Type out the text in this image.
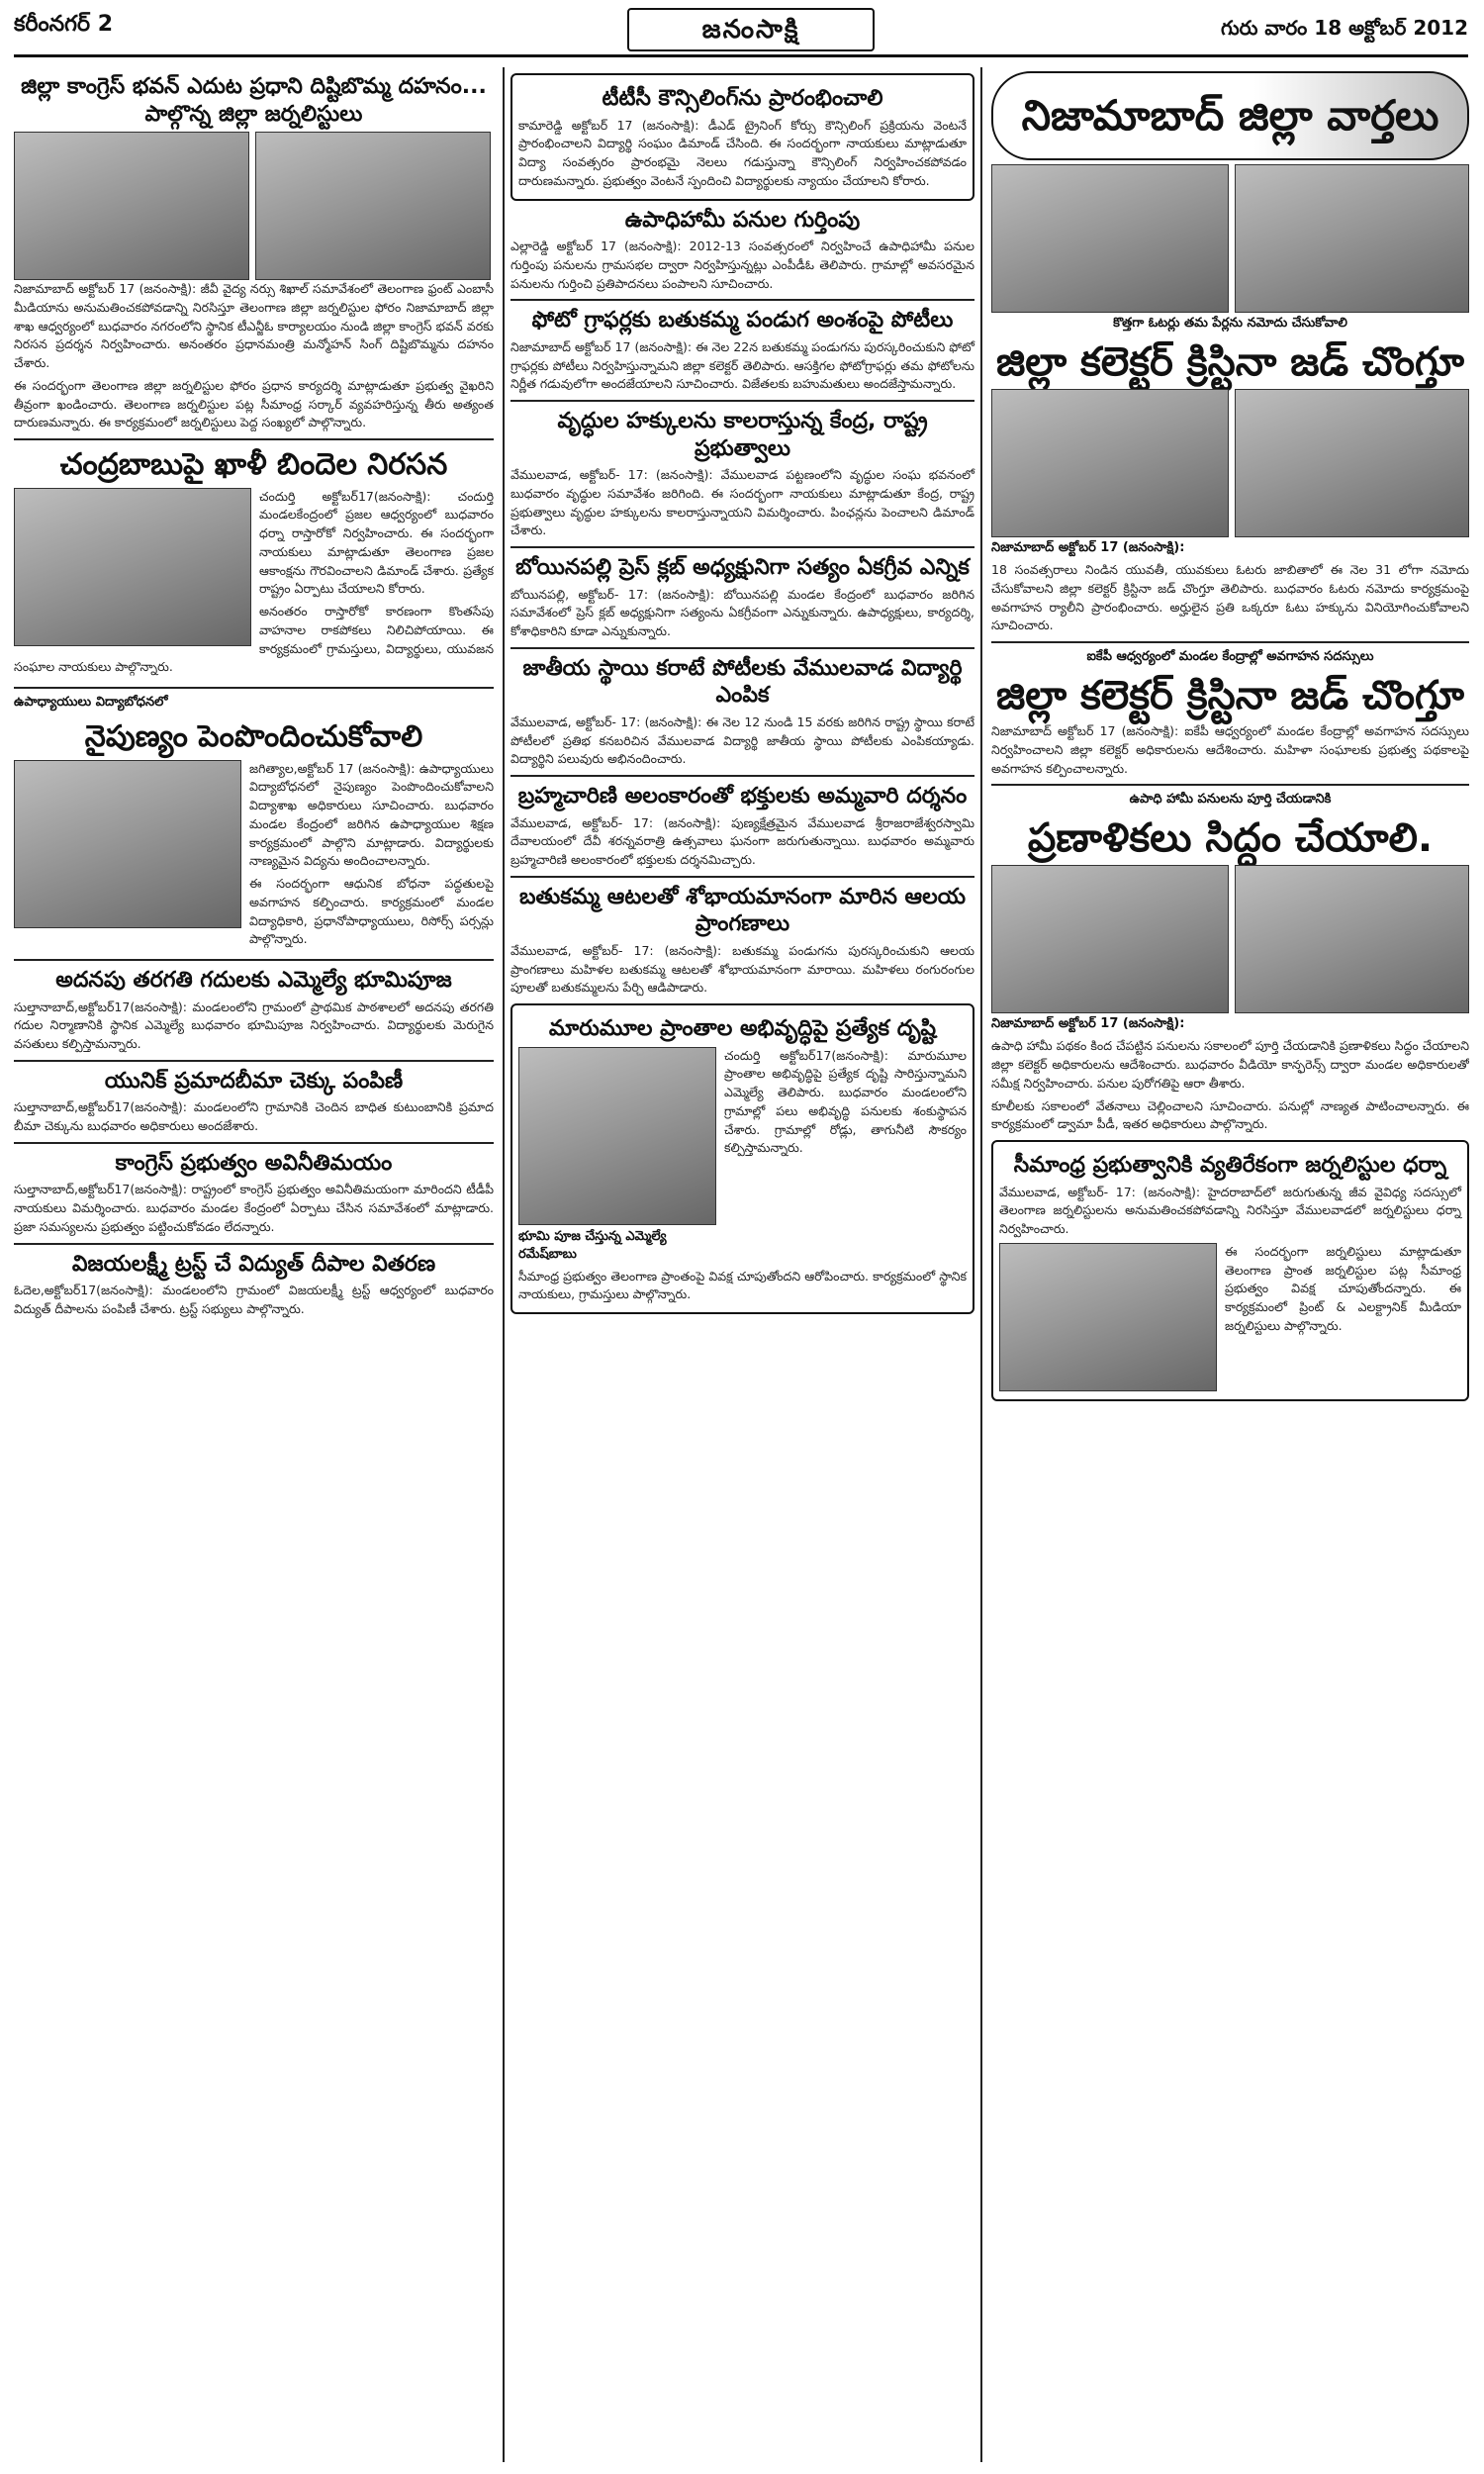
కరీంనగర్ 2	జనంసాక్షి	గురు వారం 18 అక్టోబర్ 2012
జిల్లా కాంగ్రెస్ భవన్ ఎదుట ప్రధాని దిష్టిబొమ్మ దహనం... పాల్గొన్న జిల్లా జర్నలిస్టులు

నిజామాబాద్ అక్టోబర్ 17 (జనంసాక్షి): జీవీ వైద్య నర్సు శిఖాల్ సమావేశంలో తెలంగాణ ఫ్రంట్ ఎంబాసీ మీడియాను అనుమతించకపోవడాన్ని నిరసిస్తూ తెలంగాణ జిల్లా జర్నలిస్టుల ఫోరం నిజామాబాద్ జిల్లా శాఖ ఆధ్వర్యంలో బుధవారం నగరంలోని స్థానిక టీఎన్జీఓ కార్యాలయం నుండి జిల్లా కాంగ్రెస్ భవన్ వరకు నిరసన ప్రదర్శన నిర్వహించారు. అనంతరం ప్రధానమంత్రి మన్మోహన్ సింగ్ దిష్టిబొమ్మను దహనం చేశారు.

ఈ సందర్భంగా తెలంగాణ జిల్లా జర్నలిస్టుల ఫోరం ప్రధాన కార్యదర్శి మాట్లాడుతూ ప్రభుత్వ వైఖరిని తీవ్రంగా ఖండించారు. తెలంగాణ జర్నలిస్టుల పట్ల సీమాంధ్ర సర్కార్ వ్యవహరిస్తున్న తీరు అత్యంత దారుణమన్నారు. ఈ కార్యక్రమంలో జర్నలిస్టులు పెద్ద సంఖ్యలో పాల్గొన్నారు.

చంద్రబాబుపై ఖాళీ బిందెల నిరసన

చందుర్తి అక్టోబర్17(జనంసాక్షి): చందుర్తి మండలకేంద్రంలో ప్రజల ఆధ్వర్యంలో బుధవారం ధర్నా రాస్తారోకో నిర్వహించారు. ఈ సందర్భంగా నాయకులు మాట్లాడుతూ తెలంగాణ ప్రజల ఆకాంక్షను గౌరవించాలని డిమాండ్ చేశారు. ప్రత్యేక రాష్ట్రం ఏర్పాటు చేయాలని కోరారు.

అనంతరం రాస్తారోకో కారణంగా కొంతసేపు వాహనాల రాకపోకలు నిలిచిపోయాయి. ఈ కార్యక్రమంలో గ్రామస్తులు, విద్యార్థులు, యువజన సంఘాల నాయకులు పాల్గొన్నారు.

ఉపాధ్యాయులు విద్యాబోధనలో
నైపుణ్యం పెంపొందించుకోవాలి

జగిత్యాల,అక్టోబర్ 17 (జనంసాక్షి): ఉపాధ్యాయులు విద్యాబోధనలో నైపుణ్యం పెంపొందించుకోవాలని విద్యాశాఖ అధికారులు సూచించారు. బుధవారం మండల కేంద్రంలో జరిగిన ఉపాధ్యాయుల శిక్షణ కార్యక్రమంలో పాల్గొని మాట్లాడారు. విద్యార్థులకు నాణ్యమైన విద్యను అందించాలన్నారు.

ఈ సందర్భంగా ఆధునిక బోధనా పద్ధతులపై అవగాహన కల్పించారు. కార్యక్రమంలో మండల విద్యాధికారి, ప్రధానోపాధ్యాయులు, రిసోర్స్ పర్సన్లు పాల్గొన్నారు.

అదనపు తరగతి గదులకు ఎమ్మెల్యే భూమిపూజ

సుల్తానాబాద్,అక్టోబర్17(జనంసాక్షి): మండలంలోని గ్రామంలో ప్రాథమిక పాఠశాలలో అదనపు తరగతి గదుల నిర్మాణానికి స్థానిక ఎమ్మెల్యే బుధవారం భూమిపూజ నిర్వహించారు. విద్యార్థులకు మెరుగైన వసతులు కల్పిస్తామన్నారు.

యునిక్ ప్రమాదబీమా చెక్కు పంపిణీ

సుల్తానాబాద్,అక్టోబర్17(జనంసాక్షి): మండలంలోని గ్రామానికి చెందిన బాధిత కుటుంబానికి ప్రమాద బీమా చెక్కును బుధవారం అధికారులు అందజేశారు.

కాంగ్రెస్ ప్రభుత్వం అవినీతిమయం

సుల్తానాబాద్,అక్టోబర్17(జనంసాక్షి): రాష్ట్రంలో కాంగ్రెస్ ప్రభుత్వం అవినీతిమయంగా మారిందని టీడీపీ నాయకులు విమర్శించారు. బుధవారం మండల కేంద్రంలో ఏర్పాటు చేసిన సమావేశంలో మాట్లాడారు. ప్రజా సమస్యలను ప్రభుత్వం పట్టించుకోవడం లేదన్నారు.

విజయలక్ష్మీ ట్రస్ట్ చే విద్యుత్ దీపాల వితరణ

ఓదెల,అక్టోబర్17(జనంసాక్షి): మండలంలోని గ్రామంలో విజయలక్ష్మీ ట్రస్ట్ ఆధ్వర్యంలో బుధవారం విద్యుత్ దీపాలను పంపిణీ చేశారు. ట్రస్ట్ సభ్యులు పాల్గొన్నారు.

టీటీసీ కౌన్సిలింగ్‌ను ప్రారంభించాలి

కామారెడ్డి అక్టోబర్ 17 (జనంసాక్షి): డీఎడ్ ట్రైనింగ్ కోర్సు కౌన్సిలింగ్ ప్రక్రియను వెంటనే ప్రారంభించాలని విద్యార్థి సంఘం డిమాండ్ చేసింది. ఈ సందర్భంగా నాయకులు మాట్లాడుతూ విద్యా సంవత్సరం ప్రారంభమై నెలలు గడుస్తున్నా కౌన్సిలింగ్ నిర్వహించకపోవడం దారుణమన్నారు. ప్రభుత్వం వెంటనే స్పందించి విద్యార్థులకు న్యాయం చేయాలని కోరారు.

ఉపాధిహామీ పనుల గుర్తింపు

ఎల్లారెడ్డి అక్టోబర్ 17 (జనంసాక్షి): 2012-13 సంవత్సరంలో నిర్వహించే ఉపాధిహామీ పనుల గుర్తింపు పనులను గ్రామసభల ద్వారా నిర్వహిస్తున్నట్లు ఎంపీడీఓ తెలిపారు. గ్రామాల్లో అవసరమైన పనులను గుర్తించి ప్రతిపాదనలు పంపాలని సూచించారు.

ఫోటో గ్రాఫర్లకు బతుకమ్మ పండుగ అంశంపై పోటీలు

నిజామాబాద్ అక్టోబర్ 17 (జనంసాక్షి): ఈ నెల 22న బతుకమ్మ పండుగను పురస్కరించుకుని ఫోటో గ్రాఫర్లకు పోటీలు నిర్వహిస్తున్నామని జిల్లా కలెక్టర్ తెలిపారు. ఆసక్తిగల ఫోటోగ్రాఫర్లు తమ ఫోటోలను నిర్ణీత గడువులోగా అందజేయాలని సూచించారు. విజేతలకు బహుమతులు అందజేస్తామన్నారు.

వృద్ధుల హక్కులను కాలరాస్తున్న కేంద్ర, రాష్ట్ర ప్రభుత్వాలు

వేములవాడ, అక్టోబర్- 17: (జనంసాక్షి): వేములవాడ పట్టణంలోని వృద్ధుల సంఘ భవనంలో బుధవారం వృద్ధుల సమావేశం జరిగింది. ఈ సందర్భంగా నాయకులు మాట్లాడుతూ కేంద్ర, రాష్ట్ర ప్రభుత్వాలు వృద్ధుల హక్కులను కాలరాస్తున్నాయని విమర్శించారు. పింఛన్లను పెంచాలని డిమాండ్ చేశారు.

బోయినపల్లి ప్రెస్ క్లబ్ అధ్యక్షునిగా సత్యం ఏకగ్రీవ ఎన్నిక

బోయినపల్లి, అక్టోబర్- 17: (జనంసాక్షి): బోయినపల్లి మండల కేంద్రంలో బుధవారం జరిగిన సమావేశంలో ప్రెస్ క్లబ్ అధ్యక్షునిగా సత్యంను ఏకగ్రీవంగా ఎన్నుకున్నారు. ఉపాధ్యక్షులు, కార్యదర్శి, కోశాధికారిని కూడా ఎన్నుకున్నారు.

జాతీయ స్థాయి కరాటే పోటీలకు వేములవాడ విద్యార్థి ఎంపిక

వేములవాడ, అక్టోబర్- 17: (జనంసాక్షి): ఈ నెల 12 నుండి 15 వరకు జరిగిన రాష్ట్ర స్థాయి కరాటే పోటీలలో ప్రతిభ కనబరిచిన వేములవాడ విద్యార్థి జాతీయ స్థాయి పోటీలకు ఎంపికయ్యాడు. విద్యార్థిని పలువురు అభినందించారు.

బ్రహ్మచారిణి అలంకారంతో భక్తులకు అమ్మవారి దర్శనం

వేములవాడ, అక్టోబర్- 17: (జనంసాక్షి): పుణ్యక్షేత్రమైన వేములవాడ శ్రీరాజరాజేశ్వరస్వామి దేవాలయంలో దేవీ శరన్నవరాత్రి ఉత్సవాలు ఘనంగా జరుగుతున్నాయి. బుధవారం అమ్మవారు బ్రహ్మచారిణి అలంకారంలో భక్తులకు దర్శనమిచ్చారు.

బతుకమ్మ ఆటలతో శోభాయమానంగా మారిన ఆలయ ప్రాంగణాలు

వేములవాడ, అక్టోబర్- 17: (జనంసాక్షి): బతుకమ్మ పండుగను పురస్కరించుకుని ఆలయ ప్రాంగణాలు మహిళల బతుకమ్మ ఆటలతో శోభాయమానంగా మారాయి. మహిళలు రంగురంగుల పూలతో బతుకమ్మలను పేర్చి ఆడిపాడారు.

మారుమూల ప్రాంతాల అభివృద్ధిపై ప్రత్యేక దృష్టి

చందుర్తి అక్టోబర్17(జనంసాక్షి): మారుమూల ప్రాంతాల అభివృద్ధిపై ప్రత్యేక దృష్టి సారిస్తున్నామని ఎమ్మెల్యే తెలిపారు. బుధవారం మండలంలోని గ్రామాల్లో పలు అభివృద్ధి పనులకు శంకుస్థాపన చేశారు. గ్రామాల్లో రోడ్లు, తాగునీటి సౌకర్యం కల్పిస్తామన్నారు.

భూమి పూజ చేస్తున్న ఎమ్మెల్యే రమేష్‌బాబు

సీమాంధ్ర ప్రభుత్వం తెలంగాణ ప్రాంతంపై వివక్ష చూపుతోందని ఆరోపించారు. కార్యక్రమంలో స్థానిక నాయకులు, గ్రామస్తులు పాల్గొన్నారు.

నిజామాబాద్ జిల్లా వార్తలు
కొత్తగా ఓటర్లు తమ పేర్లను నమోదు చేసుకోవాలి
జిల్లా కలెక్టర్ క్రిస్టినా జడ్ చొంగ్తూ
నిజామాబాద్ అక్టోబర్ 17 (జనంసాక్షి):

18 సంవత్సరాలు నిండిన యువతీ, యువకులు ఓటరు జాబితాలో ఈ నెల 31 లోగా నమోదు చేసుకోవాలని జిల్లా కలెక్టర్ క్రిస్టినా జడ్ చొంగ్తూ తెలిపారు. బుధవారం ఓటరు నమోదు కార్యక్రమంపై అవగాహన ర్యాలీని ప్రారంభించారు. అర్హులైన ప్రతి ఒక్కరూ ఓటు హక్కును వినియోగించుకోవాలని సూచించారు.

ఐకేపీ ఆధ్వర్యంలో మండల కేంద్రాల్లో అవగాహన సదస్సులు
జిల్లా కలెక్టర్ క్రిస్టినా జడ్ చొంగ్తూ

నిజామాబాద్ అక్టోబర్ 17 (జనంసాక్షి): ఐకేపీ ఆధ్వర్యంలో మండల కేంద్రాల్లో అవగాహన సదస్సులు నిర్వహించాలని జిల్లా కలెక్టర్ అధికారులను ఆదేశించారు. మహిళా సంఘాలకు ప్రభుత్వ పథకాలపై అవగాహన కల్పించాలన్నారు.

ఉపాధి హామీ పనులను పూర్తి చేయడానికి
ప్రణాళికలు సిద్ధం చేయాలి.
నిజామాబాద్ అక్టోబర్ 17 (జనంసాక్షి):

ఉపాధి హామీ పథకం కింద చేపట్టిన పనులను సకాలంలో పూర్తి చేయడానికి ప్రణాళికలు సిద్ధం చేయాలని జిల్లా కలెక్టర్ అధికారులను ఆదేశించారు. బుధవారం వీడియో కాన్ఫరెన్స్ ద్వారా మండల అధికారులతో సమీక్ష నిర్వహించారు. పనుల పురోగతిపై ఆరా తీశారు.

కూలీలకు సకాలంలో వేతనాలు చెల్లించాలని సూచించారు. పనుల్లో నాణ్యత పాటించాలన్నారు. ఈ కార్యక్రమంలో డ్వామా పీడీ, ఇతర అధికారులు పాల్గొన్నారు.

సీమాంధ్ర ప్రభుత్వానికి వ్యతిరేకంగా జర్నలిస్టుల ధర్నా

వేములవాడ, అక్టోబర్- 17: (జనంసాక్షి): హైదరాబాద్‌లో జరుగుతున్న జీవ వైవిధ్య సదస్సులో తెలంగాణ జర్నలిస్టులను అనుమతించకపోవడాన్ని నిరసిస్తూ వేములవాడలో జర్నలిస్టులు ధర్నా నిర్వహించారు.

ఈ సందర్భంగా జర్నలిస్టులు మాట్లాడుతూ తెలంగాణ ప్రాంత జర్నలిస్టుల పట్ల సీమాంధ్ర ప్రభుత్వం వివక్ష చూపుతోందన్నారు. ఈ కార్యక్రమంలో ప్రింట్ & ఎలక్ట్రానిక్ మీడియా జర్నలిస్టులు పాల్గొన్నారు.
